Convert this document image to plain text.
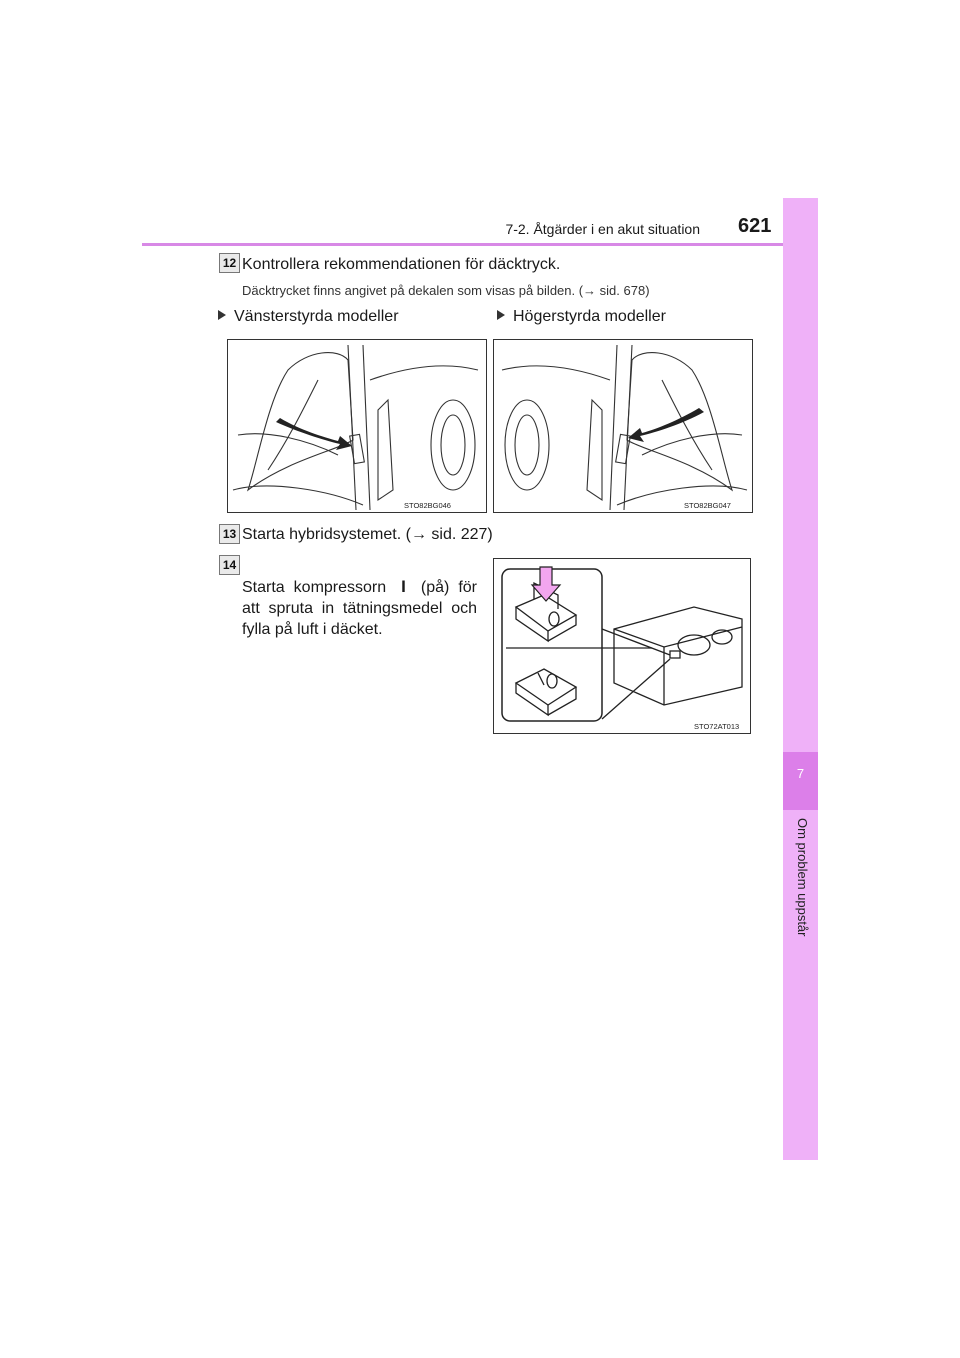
7-2. Åtgärder i en akut situation 621
7
Om problem uppstår
12 Kontrollera rekommendationen för däcktryck.
Däcktrycket finns angivet på dekalen som visas på bilden. (→ sid. 678)
Vänsterstyrda modeller	Högerstyrda modeller
STO82BG046	STO82BG047
13 Starta hybridsystemet. (→ sid. 227)
14
Starta kompressorn I (på) för att spruta in tätningsmedel och fylla på luft i däcket.
STO72AT013
